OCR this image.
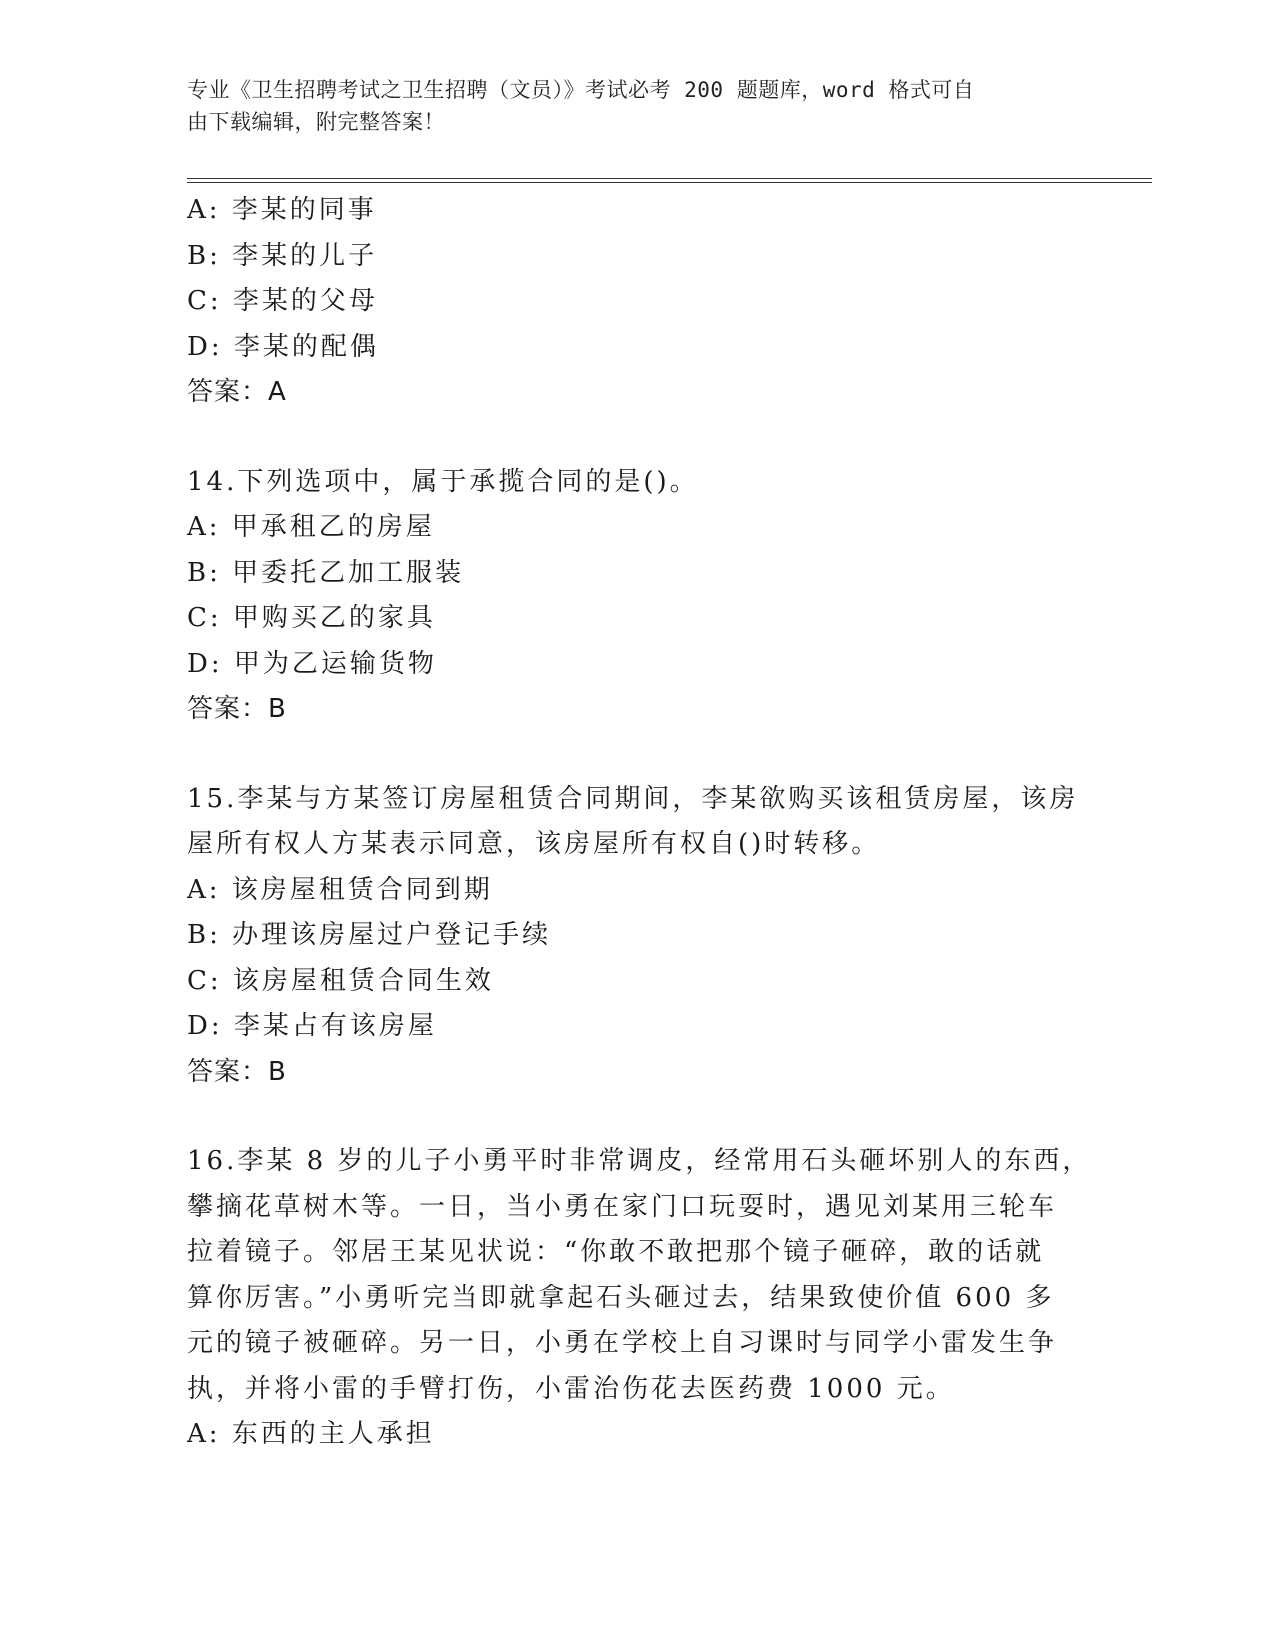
专业《卫生招聘考试之卫生招聘（文员）》考试必考 200 题题库，word 格式可自
由下载编辑，附完整答案！
A: 李某的同事
B: 李某的儿子
C: 李某的父母
D: 李某的配偶
答案：A
14.下列选项中，属于承揽合同的是()。
A: 甲承租乙的房屋
B: 甲委托乙加工服装
C: 甲购买乙的家具
D: 甲为乙运输货物
答案：B
15.李某与方某签订房屋租赁合同期间，李某欲购买该租赁房屋，该房
屋所有权人方某表示同意，该房屋所有权自()时转移。
A: 该房屋租赁合同到期
B: 办理该房屋过户登记手续
C: 该房屋租赁合同生效
D: 李某占有该房屋
答案：B
16.李某 8 岁的儿子小勇平时非常调皮，经常用石头砸坏别人的东西，
攀摘花草树木等。一日，当小勇在家门口玩耍时，遇见刘某用三轮车
拉着镜子。邻居王某见状说：“你敢不敢把那个镜子砸碎，敢的话就
算你厉害。”小勇听完当即就拿起石头砸过去，结果致使价值 600 多
元的镜子被砸碎。另一日，小勇在学校上自习课时与同学小雷发生争
执，并将小雷的手臂打伤，小雷治伤花去医药费 1000 元。
A: 东西的主人承担
